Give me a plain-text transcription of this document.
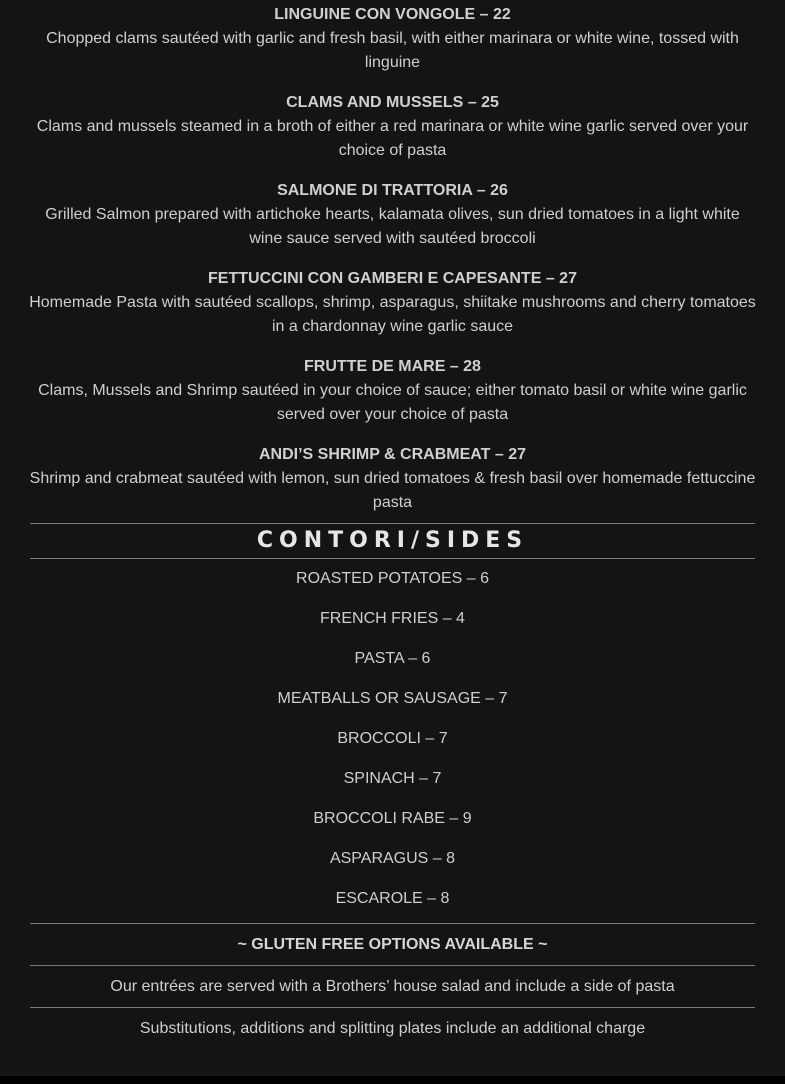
LINGUINE CON VONGOLE – 22
Chopped clams sautéed with garlic and fresh basil, with either marinara or white wine, tossed with linguine
CLAMS AND MUSSELS – 25
Clams and mussels steamed in a broth of either a red marinara or white wine garlic served over your choice of pasta
SALMONE DI TRATTORIA – 26
Grilled Salmon prepared with artichoke hearts, kalamata olives, sun dried tomatoes in a light white wine sauce served with sautéed broccoli
FETTUCCINI CON GAMBERI E CAPESANTE – 27
Homemade Pasta with sautéed scallops, shrimp, asparagus, shiitake mushrooms and cherry tomatoes in a chardonnay wine garlic sauce
FRUTTE DE MARE – 28
Clams, Mussels and Shrimp sautéed in your choice of sauce; either tomato basil or white wine garlic served over your choice of pasta
ANDI’S SHRIMP & CRABMEAT – 27
Shrimp and crabmeat sautéed with lemon, sun dried tomatoes & fresh basil over homemade fettuccine pasta
CONTORI/SIDES
ROASTED POTATOES – 6
FRENCH FRIES – 4
PASTA – 6
MEATBALLS OR SAUSAGE – 7
BROCCOLI – 7
SPINACH – 7
BROCCOLI RABE – 9
ASPARAGUS – 8
ESCAROLE – 8
~ GLUTEN FREE OPTIONS AVAILABLE ~
Our entrées are served with a Brothers’ house salad and include a side of pasta
Substitutions, additions and splitting plates include an additional charge
